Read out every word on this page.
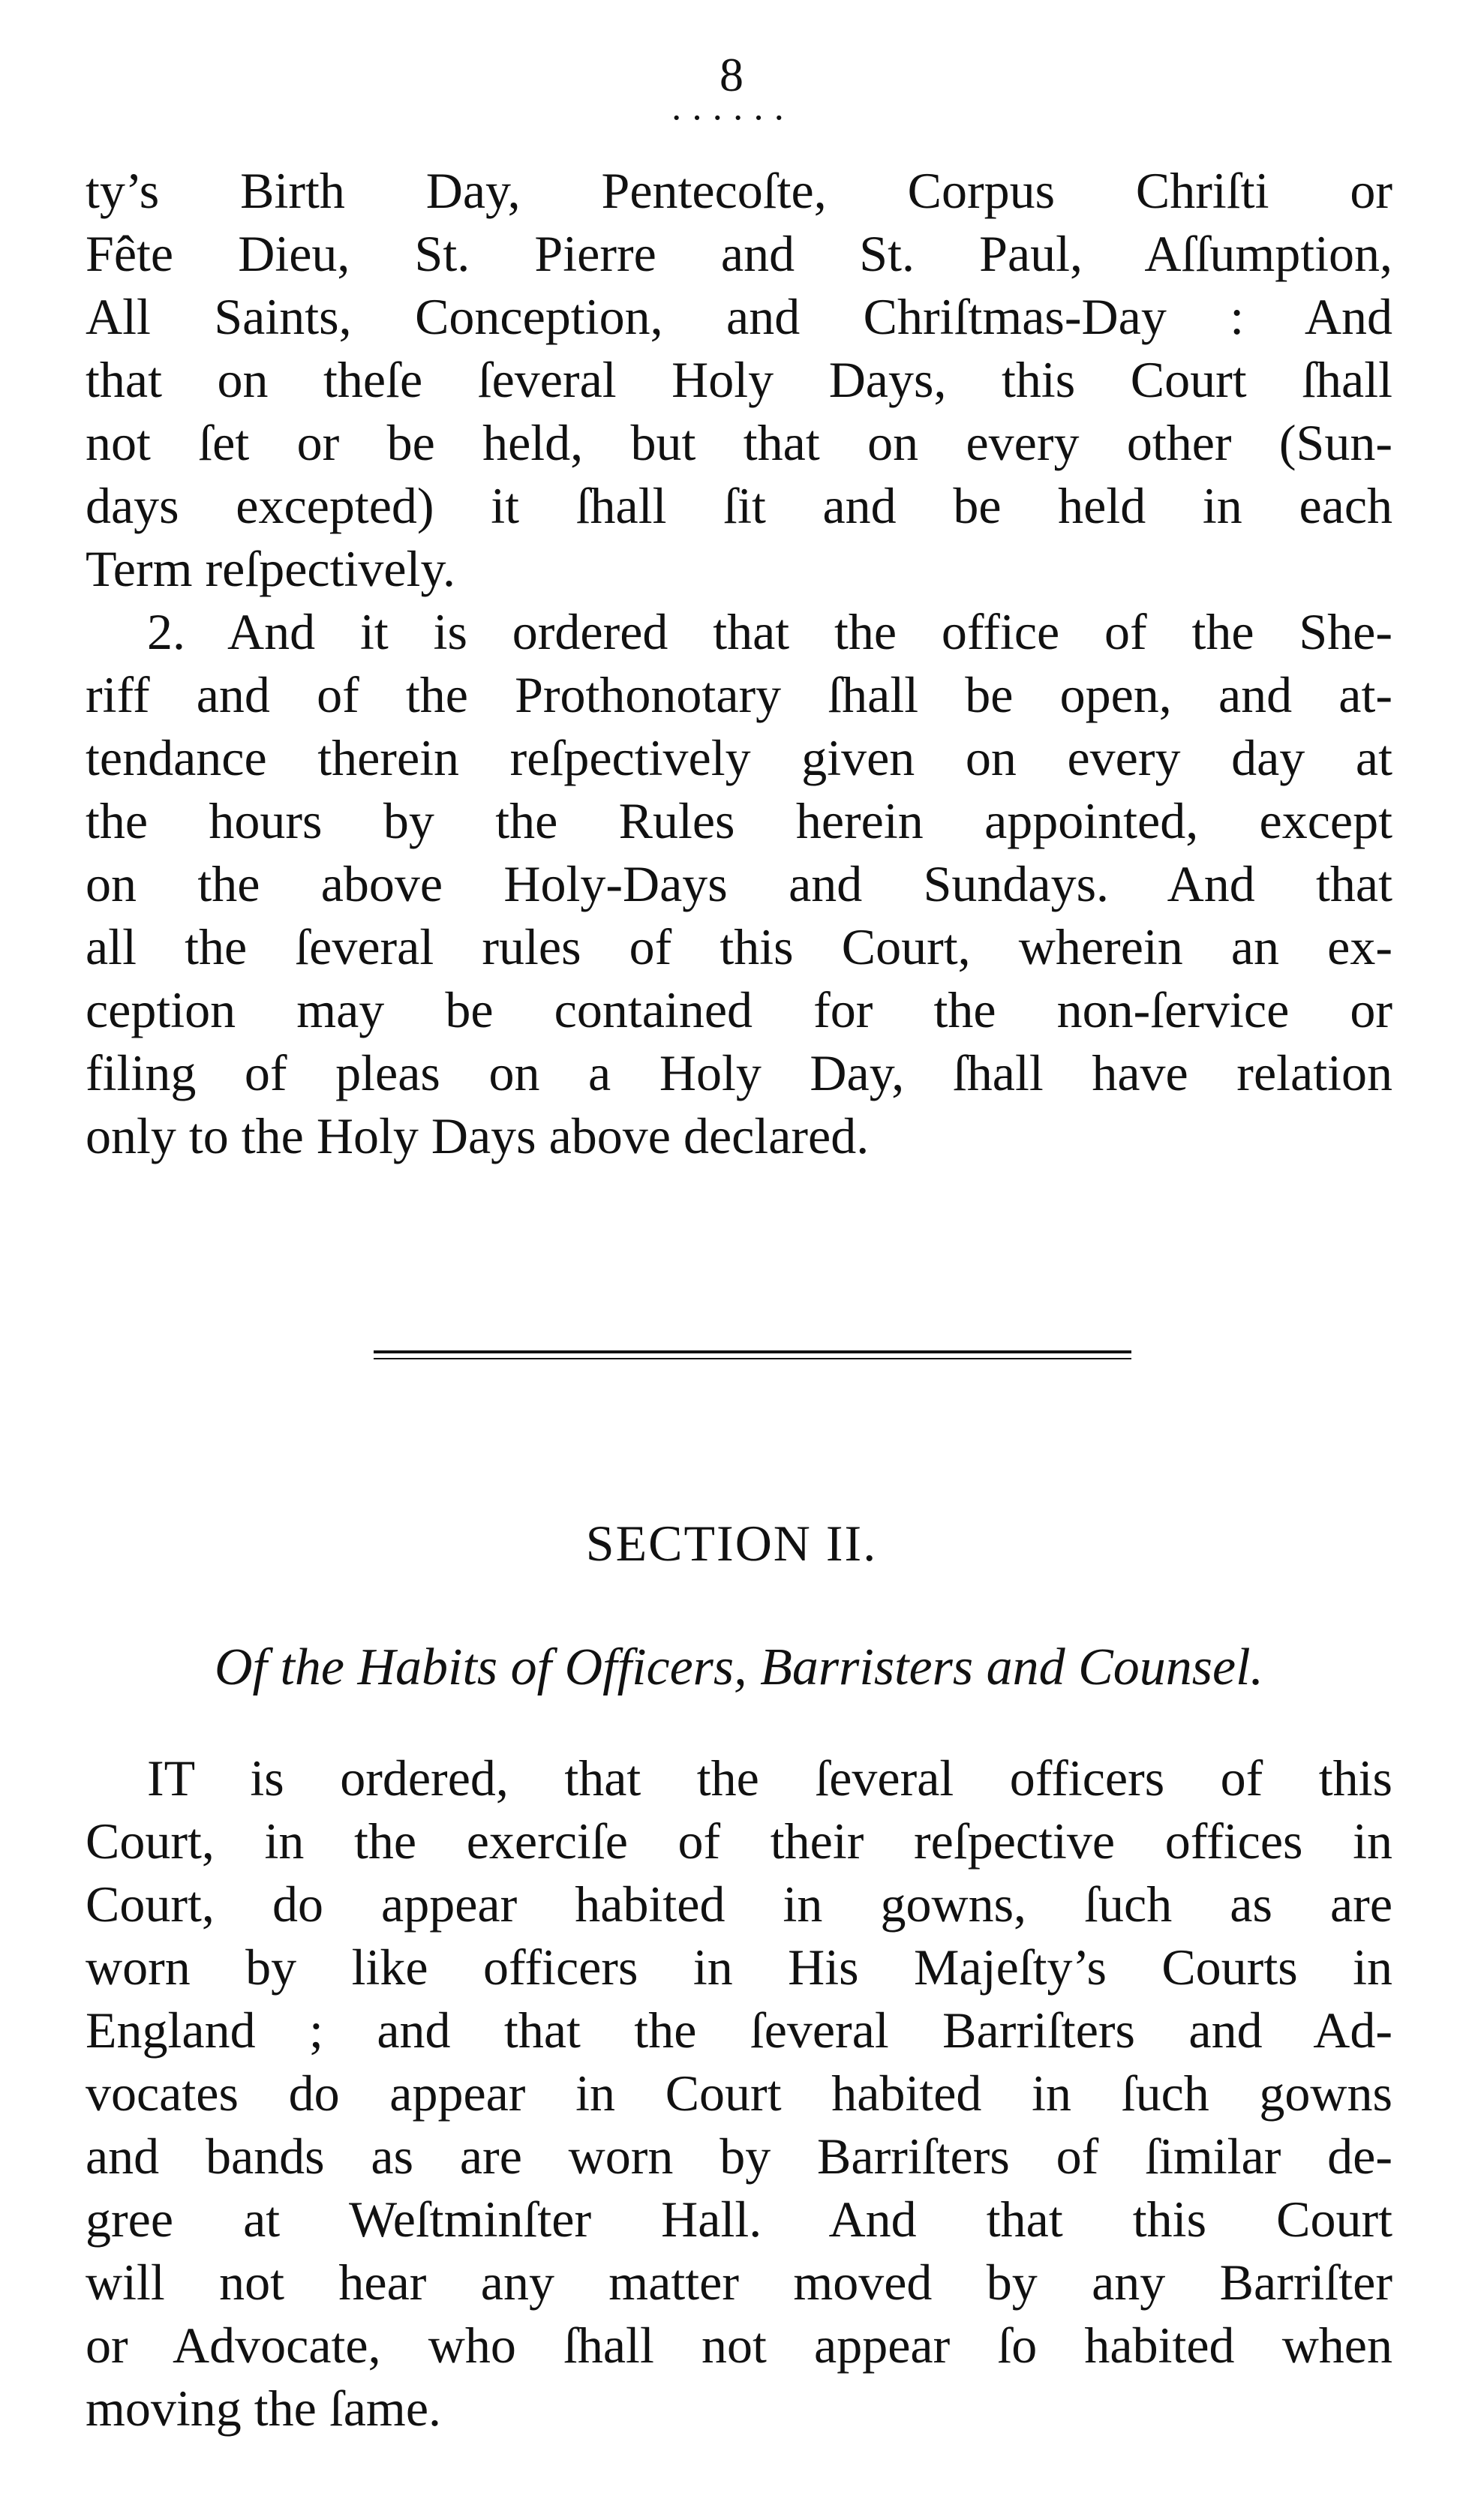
8
······
ty’s Birth Day, Pentecoſte, Corpus Chriſti or
Fête Dieu, St. Pierre and St. Paul, Aſſumption,
All Saints, Conception, and Chriſtmas-Day : And
that on theſe ſeveral Holy Days, this Court ſhall
not ſet or be held, but that on every other (Sun-
days excepted) it ſhall ſit and be held in each
Term reſpectively.
2. And it is ordered that the office of the She-
riff and of the Prothonotary ſhall be open, and at-
tendance therein reſpectively given on every day at
the hours by the Rules herein appointed, except
on the above Holy-Days and Sundays. And that
all the ſeveral rules of this Court, wherein an ex-
ception may be contained for the non-ſervice or
filing of pleas on a Holy Day, ſhall have relation
only to the Holy Days above declared.
SECTION II.
Of the Habits of Officers, Barristers and Counsel.
IT is ordered, that the ſeveral officers of this
Court, in the exerciſe of their reſpective offices in
Court, do appear habited in gowns, ſuch as are
worn by like officers in His Majeſty’s Courts in
England ; and that the ſeveral Barriſters and Ad-
vocates do appear in Court habited in ſuch gowns
and bands as are worn by Barriſters of ſimilar de-
gree at Weſtminſter Hall. And that this Court
will not hear any matter moved by any Barriſter
or Advocate, who ſhall not appear ſo habited when
moving the ſame.
